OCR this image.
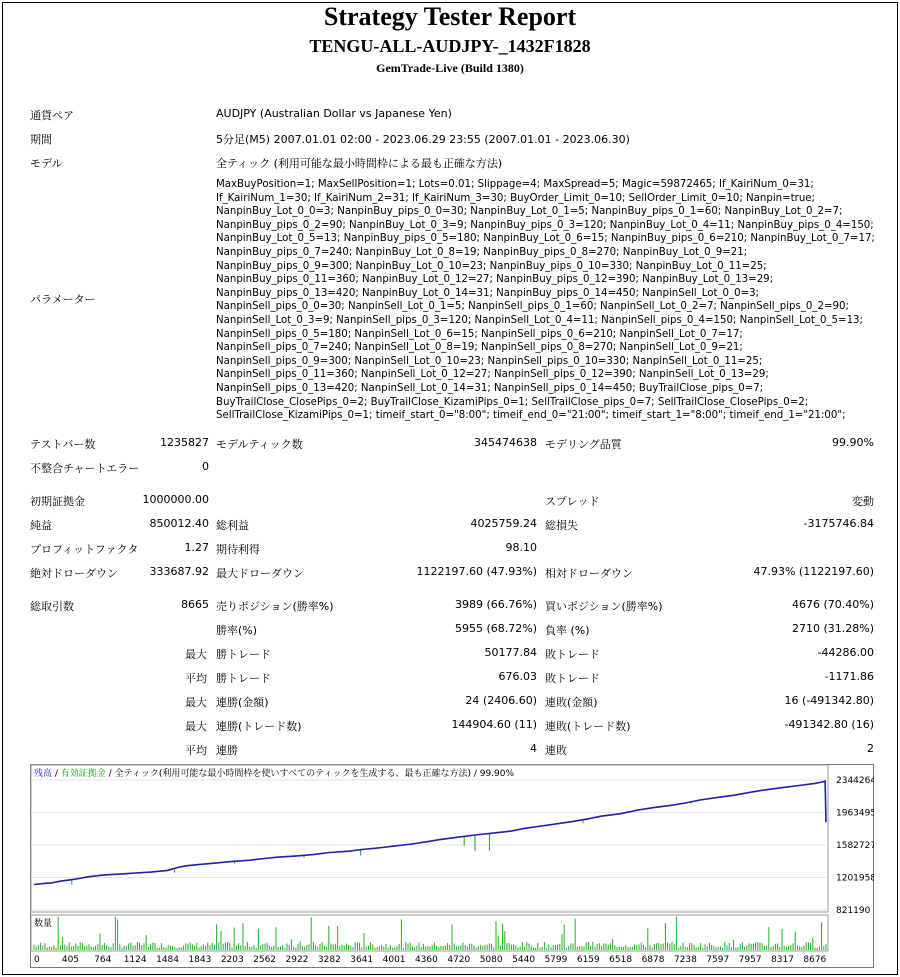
Strategy Tester Report
TENGU-ALL-AUDJPY-_1432F1828
GemTrade-Live (Build 1380)
通貨ペア	AUDJPY (Australian Dollar vs Japanese Yen)
期間	5分足(M5) 2007.01.01 02:00 - 2023.06.29 23:55 (2007.01.01 - 2023.06.30)
モデル	全ティック (利用可能な最小時間枠による最も正確な方法)
パラメーター
MaxBuyPosition=1; MaxSellPosition=1; Lots=0.01; Slippage=4; MaxSpread=5; Magic=59872465; If_KairiNum_0=31; If_KairiNum_1=30; If_KairiNum_2=31; If_KairiNum_3=30; BuyOrder_Limit_0=10; SellOrder_Limit_0=10; Nanpin=true; NanpinBuy_Lot_0_0=3; NanpinBuy_pips_0_0=30; NanpinBuy_Lot_0_1=5; NanpinBuy_pips_0_1=60; NanpinBuy_Lot_0_2=7; NanpinBuy_pips_0_2=90; NanpinBuy_Lot_0_3=9; NanpinBuy_pips_0_3=120; NanpinBuy_Lot_0_4=11; NanpinBuy_pips_0_4=150; NanpinBuy_Lot_0_5=13; NanpinBuy_pips_0_5=180; NanpinBuy_Lot_0_6=15; NanpinBuy_pips_0_6=210; NanpinBuy_Lot_0_7=17; NanpinBuy_pips_0_7=240; NanpinBuy_Lot_0_8=19; NanpinBuy_pips_0_8=270; NanpinBuy_Lot_0_9=21; NanpinBuy_pips_0_9=300; NanpinBuy_Lot_0_10=23; NanpinBuy_pips_0_10=330; NanpinBuy_Lot_0_11=25; NanpinBuy_pips_0_11=360; NanpinBuy_Lot_0_12=27; NanpinBuy_pips_0_12=390; NanpinBuy_Lot_0_13=29; NanpinBuy_pips_0_13=420; NanpinBuy_Lot_0_14=31; NanpinBuy_pips_0_14=450; NanpinSell_Lot_0_0=3; NanpinSell_pips_0_0=30; NanpinSell_Lot_0_1=5; NanpinSell_pips_0_1=60; NanpinSell_Lot_0_2=7; NanpinSell_pips_0_2=90; NanpinSell_Lot_0_3=9; NanpinSell_pips_0_3=120; NanpinSell_Lot_0_4=11; NanpinSell_pips_0_4=150; NanpinSell_Lot_0_5=13; NanpinSell_pips_0_5=180; NanpinSell_Lot_0_6=15; NanpinSell_pips_0_6=210; NanpinSell_Lot_0_7=17; NanpinSell_pips_0_7=240; NanpinSell_Lot_0_8=19; NanpinSell_pips_0_8=270; NanpinSell_Lot_0_9=21; NanpinSell_pips_0_9=300; NanpinSell_Lot_0_10=23; NanpinSell_pips_0_10=330; NanpinSell_Lot_0_11=25; NanpinSell_pips_0_11=360; NanpinSell_Lot_0_12=27; NanpinSell_pips_0_12=390; NanpinSell_Lot_0_13=29; NanpinSell_pips_0_13=420; NanpinSell_Lot_0_14=31; NanpinSell_pips_0_14=450; BuyTrailClose_pips_0=7; BuyTrailClose_ClosePips_0=2; BuyTrailClose_KizamiPips_0=1; SellTrailClose_pips_0=7; SellTrailClose_ClosePips_0=2; SellTrailClose_KizamiPips_0=1; timeif_start_0="8:00"; timeif_end_0="21:00"; timeif_start_1="8:00"; timeif_end_1="21:00";
テストバー数	1235827 モデルティック数	345474638 モデリング品質	99.90%
不整合チャートエラー	0
初期証拠金	1000000.00	スプレッド	変動
純益	850012.40 総利益	4025759.24 総損失	-3175746.84
プロフィットファクタ	1.27 期待利得	98.10
絶対ドローダウン	333687.92 最大ドローダウン	1122197.60 (47.93%) 相対ドローダウン	47.93% (1122197.60)
総取引数	8665 売りポジション(勝率%)	3989 (66.76%) 買いポジション(勝率%)	4676 (70.40%)
勝率(%)	5955 (68.72%) 負率 (%)	2710 (31.28%)
最大 勝トレード	50177.84 敗トレード	-44286.00
平均 勝トレード	676.03 敗トレード	-1171.86
最大 連勝(金額)	24 (2406.60) 連敗(金額)	16 (-491342.80)
最大 連勝(トレード数)	144904.60 (11) 連敗(トレード数)	-491342.80 (16)
平均 連勝	4 連敗	2
残高 / 有効証拠金 / 全ティック(利用可能な最小時間枠を使いすべてのティックを生成する、最も正確な方法) / 99.90%
数量
2344264
1963495
1582727
1201958
821190
0 405 764 1124 1484 1843 2203 2562 2922 3282 3641 4001 4360 4720 5080 5440 5799 6159 6518 6878 7238 7597 7957 8317 8676
